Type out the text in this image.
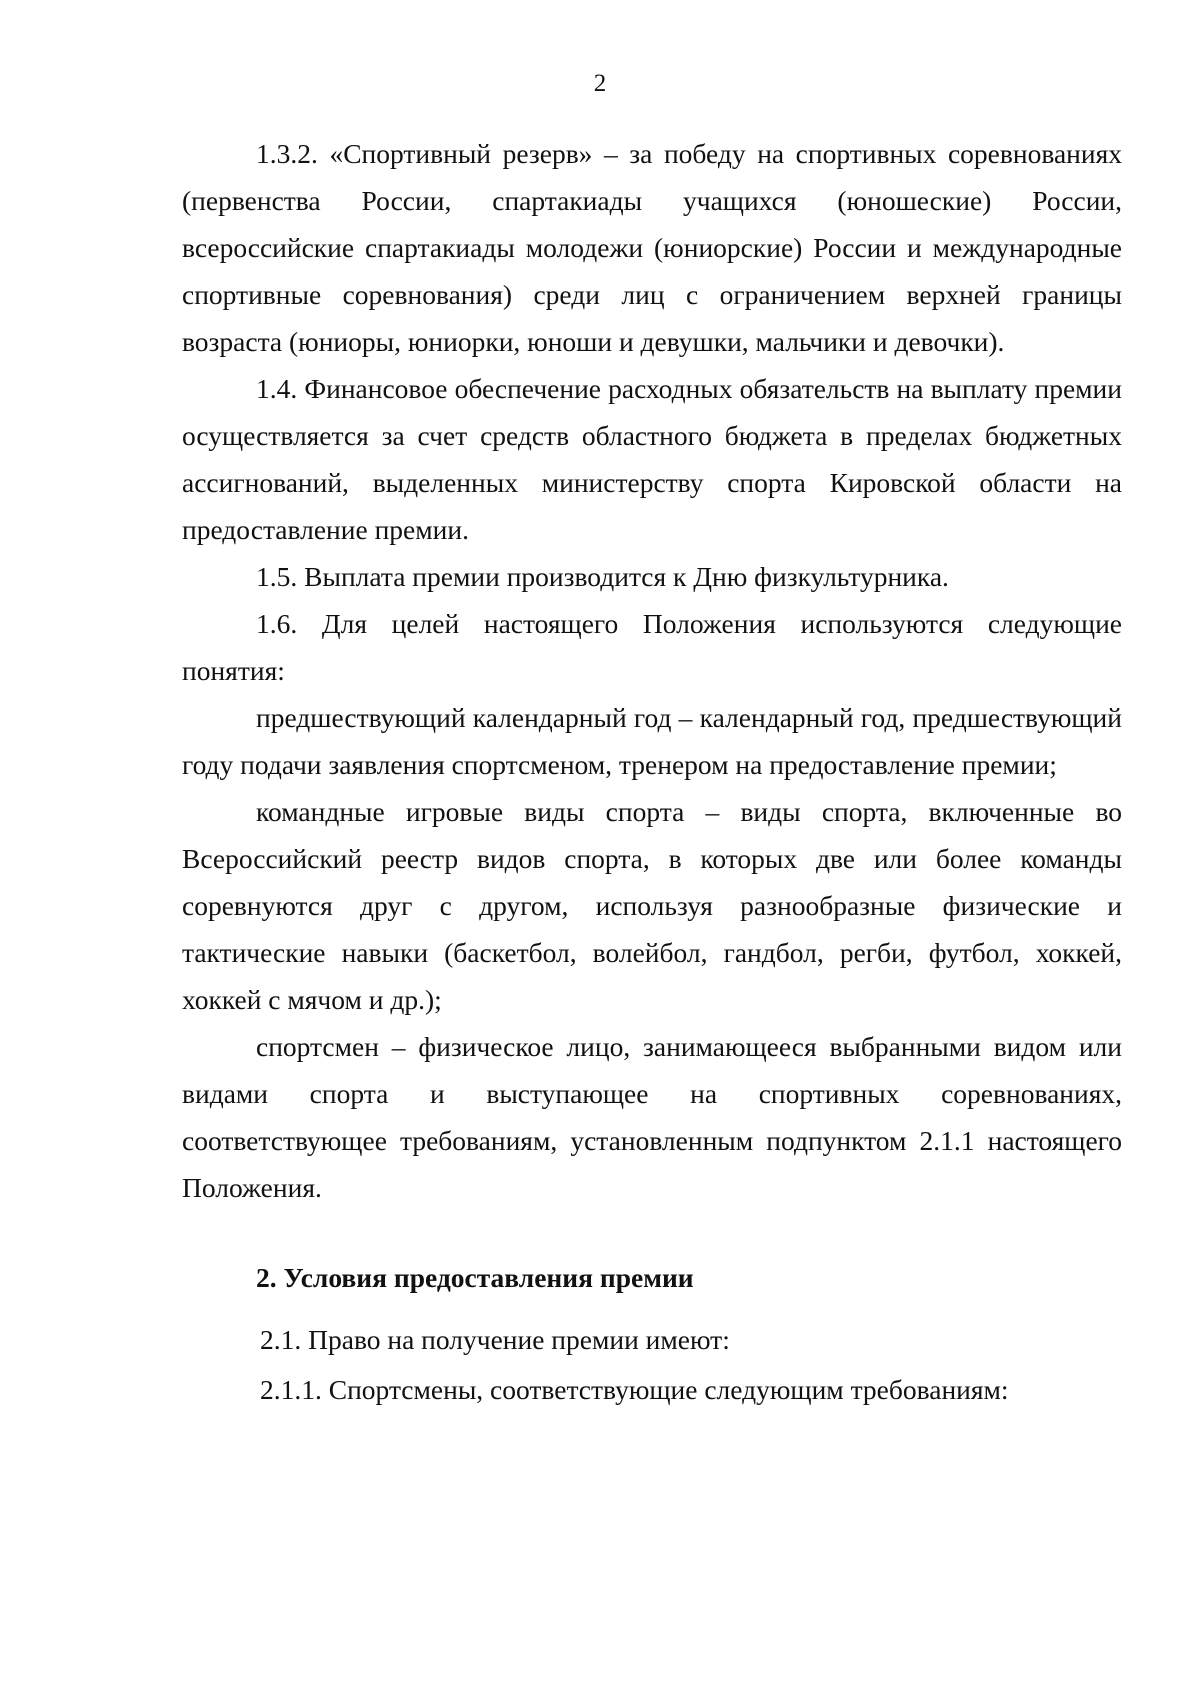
2

1.3.2. «Спортивный резерв» – за победу на спортивных соревнованиях (первенства России, спартакиады учащихся (юношеские) России, всероссийские спартакиады молодежи (юниорские) России и международные спортивные соревнования) среди лиц с ограничением верхней границы возраста (юниоры, юниорки, юноши и девушки, мальчики и девочки).

1.4. Финансовое обеспечение расходных обязательств на выплату премии осуществляется за счет средств областного бюджета в пределах бюджетных ассигнований, выделенных министерству спорта Кировской области на предоставление премии.

1.5. Выплата премии производится к Дню физкультурника.

1.6. Для целей настоящего Положения используются следующие понятия:

предшествующий календарный год – календарный год, предшествующий году подачи заявления спортсменом, тренером на предоставление премии;

командные игровые виды спорта – виды спорта, включенные во Всероссийский реестр видов спорта, в которых две или более команды соревнуются друг с другом, используя разнообразные физические и тактические навыки (баскетбол, волейбол, гандбол, регби, футбол, хоккей, хоккей с мячом и др.);

спортсмен – физическое лицо, занимающееся выбранными видом или видами спорта и выступающее на спортивных соревнованиях, соответствующее требованиям, установленным подпунктом 2.1.1 настоящего Положения.

2. Условия предоставления премии

2.1. Право на получение премии имеют:

2.1.1. Спортсмены, соответствующие следующим требованиям:
